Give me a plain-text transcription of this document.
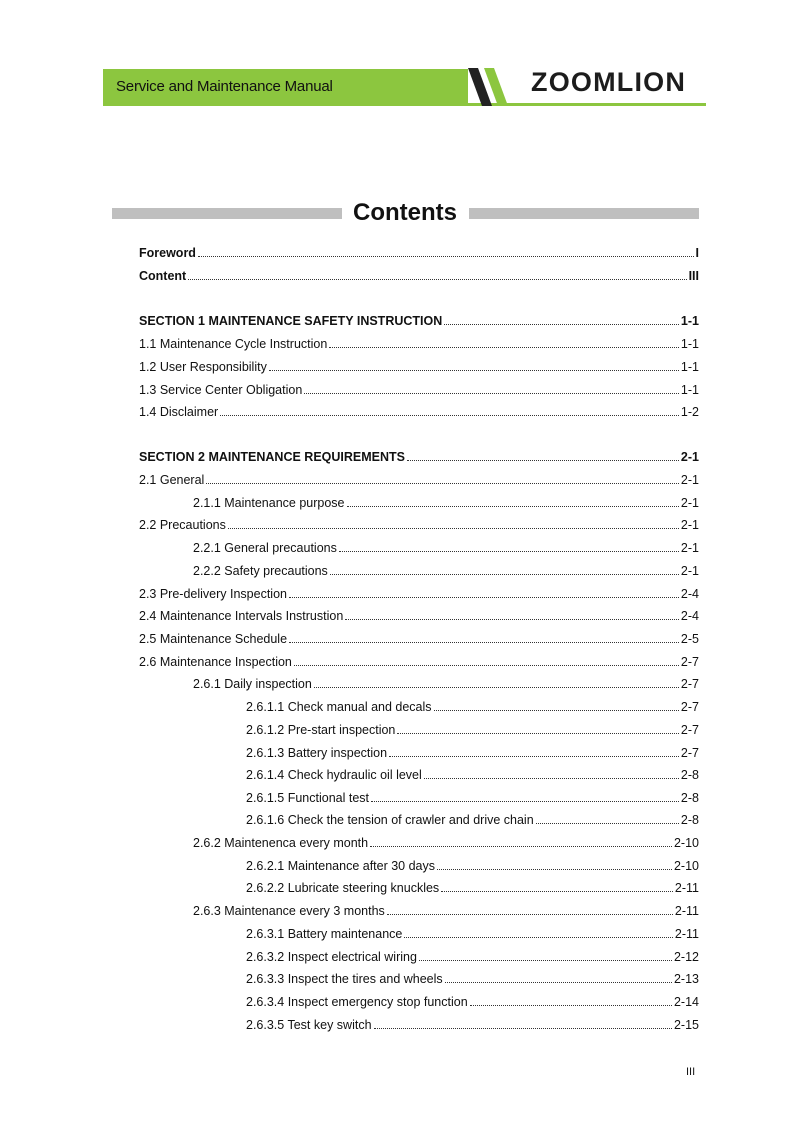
Service and Maintenance Manual	ZOOMLION
Contents
Foreword	I
Content	III
SECTION 1 MAINTENANCE SAFETY INSTRUCTION	1-1
1.1 Maintenance Cycle Instruction	1-1
1.2 User Responsibility	1-1
1.3 Service Center Obligation	1-1
1.4 Disclaimer	1-2
SECTION 2 MAINTENANCE REQUIREMENTS	2-1
2.1 General	2-1
2.1.1 Maintenance purpose	2-1
2.2 Precautions	2-1
2.2.1 General precautions	2-1
2.2.2 Safety precautions	2-1
2.3 Pre-delivery Inspection	2-4
2.4 Maintenance Intervals Instrustion	2-4
2.5 Maintenance Schedule	2-5
2.6 Maintenance Inspection	2-7
2.6.1 Daily inspection	2-7
2.6.1.1 Check manual and decals	2-7
2.6.1.2 Pre-start inspection	2-7
2.6.1.3 Battery inspection	2-7
2.6.1.4 Check hydraulic oil level	2-8
2.6.1.5 Functional test	2-8
2.6.1.6 Check the tension of crawler and drive chain	2-8
2.6.2 Maintenenca every month	2-10
2.6.2.1 Maintenance after 30 days	2-10
2.6.2.2 Lubricate steering knuckles	2-11
2.6.3 Maintenance every 3 months	2-11
2.6.3.1 Battery maintenance	2-11
2.6.3.2 Inspect electrical wiring	2-12
2.6.3.3 Inspect the tires and wheels	2-13
2.6.3.4 Inspect emergency stop function	2-14
2.6.3.5 Test key switch	2-15
III
